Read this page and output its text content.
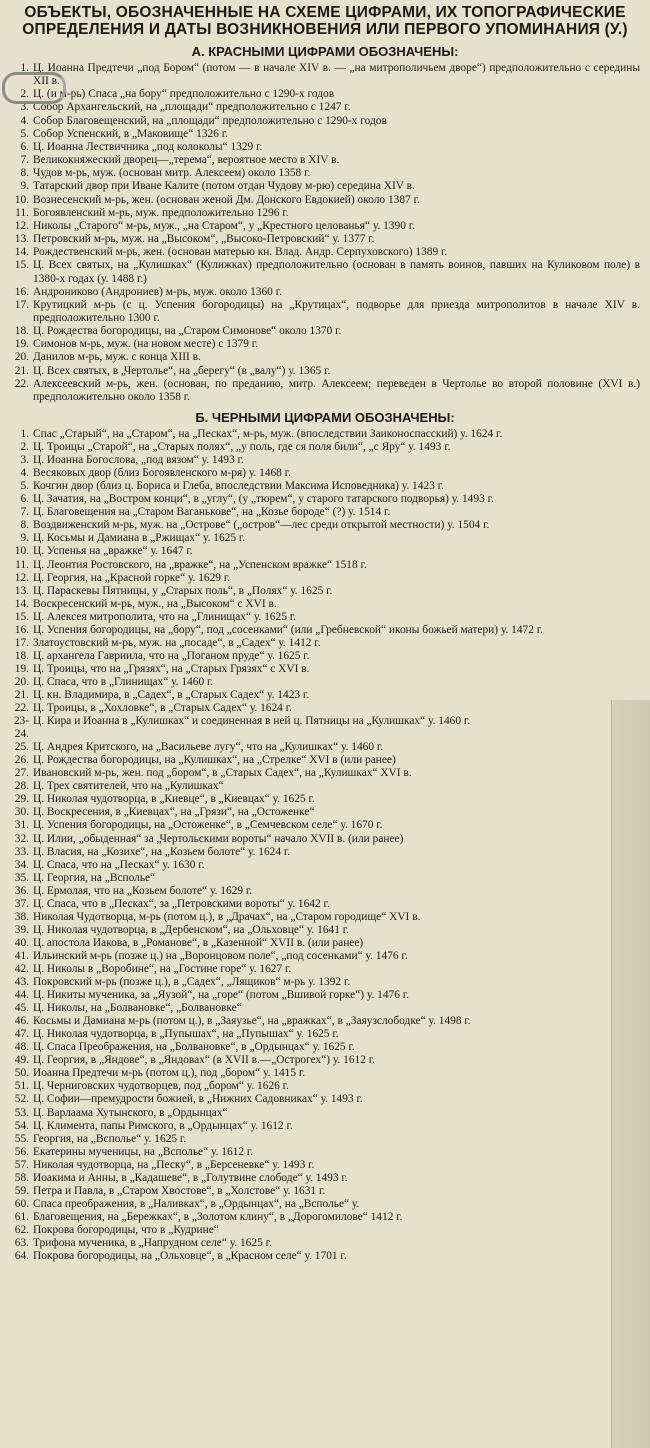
ОБЪЕКТЫ, ОБОЗНАЧЕННЫЕ НА СХЕМЕ ЦИФРАМИ, ИХ ТОПОГРАФИЧЕСКИЕ ОПРЕДЕЛЕНИЯ И ДАТЫ ВОЗНИКНОВЕНИЯ ИЛИ ПЕРВОГО УПОМИНАНИЯ (У.)
А. КРАСНЫМИ ЦИФРАМИ ОБОЗНАЧЕНЫ:
1. Ц. Иоанна Предтечи „под Бором“ (потом — в начале XIV в. — „на митрополичьем дворе“) предположительно с середины XII в.
2. Ц. (и м-рь) Спаса „на бору“ предположительно с 1290-х годов
3. Собор Архангельский, на „площади“ предположительно с 1247 г.
4. Собор Благовещенский, на „площади“ предположительно с 1290-х годов
5. Собор Успенский, в „Маковище“ 1326 г.
6. Ц. Иоанна Лествичника „под колоколы“ 1329 г.
7. Великокняжеский дворец—„терема“, вероятное место в XIV в.
8. Чудов м-рь, муж. (основан митр. Алексеем) около 1358 г.
9. Татарский двор при Иване Калите (потом отдан Чудову м-рю) середина XIV в.
10. Вознесенский м-рь, жен. (основан женой Дм. Донского Евдокией) около 1387 г.
11. Богоявленский м-рь, муж. предположительно 1296 г.
12. Николы „Старого“ м-рь, муж., „на Старом“, у „Крестного целованья“ у. 1390 г.
13. Петровский м-рь, муж. на „Высоком“, „Высоко-Петровский“ у. 1377 г.
14. Рождественский м-рь, жен. (основан матерью кн. Влад. Андр. Серпуховского) 1389 г.
15. Ц. Всех святых, на „Кулишках“ (Кулижках) предположительно (основан в память воинов, павших на Куликовом поле) в 1380-х годах (у. 1488 г.)
16. Андрониково (Андрониев) м-рь, муж. около 1360 г.
17. Крутицкий м-рь (с ц. Успения богородицы) на „Крутицах“, подворье для приезда митрополитов в начале XIV в. предположительно 1300 г.
18. Ц. Рождества богородицы, на „Старом Симонове“ около 1370 г.
19. Симонов м-рь, муж. (на новом месте) с 1379 г.
20. Данилов м-рь, муж. с конца XIII в.
21. Ц. Всех святых, в „Чертолье“, на „берегу“ (в „валу“) у. 1365 г.
22. Алексеевский м-рь, жен. (основан, по преданию, митр. Алексеем; переведен в Чертолье во второй половине (XVI в.) предположительно около 1358 г.
Б. ЧЕРНЫМИ ЦИФРАМИ ОБОЗНАЧЕНЫ:
1. Спас „Старый“, на „Старом“, на „Песках“, м-рь, муж. (впоследствии Заиконоспасский) у. 1624 г.
2. Ц. Троицы „Старой“, на „Старых полях“, „у поль, где ся поля били“, „с Яру“ у. 1493 г.
3. Ц. Иоанна Богослова, „под вязом“ у. 1493 г.
4. Весяковых двор (близ Богоявленского м-ря) у. 1468 г.
5. Кочгин двор (близ ц. Бориса и Глеба, впоследствии Максима Исповедника) у. 1423 г.
6. Ц. Зачатия, на „Востром конци“, в „углу“, (у „тюрем“, у старого татарского подворья) у. 1493 г.
7. Ц. Благовещения на „Старом Ваганькове“, на „Козье бороде“ (?) у. 1514 г.
8. Воздвиженский м-рь, муж. на „Острове“ („остров“—лес среди открытой местности) у. 1504 г.
9. Ц. Косьмы и Дамиана в „Ржищах“ у. 1625 г.
10. Ц. Успенья на „вражке“ у. 1647 г.
11. Ц. Леонтия Ростовского, на „вражке“, на „Успенском вражке“ 1518 г.
12. Ц. Георгия, на „Красной горке“ у. 1629 г.
13. Ц. Параскевы Пятницы, у „Старых поль“, в „Полях“ у. 1625 г.
14. Воскресенский м-рь, муж., на „Высоком“ с XVI в.
15. Ц. Алексея митрополита, что на „Глинищах“ у. 1625 г.
16. Ц. Успения богородицы, на „бору“, под „сосенками“ (или „Гребневской“ иконы божьей матери) у. 1472 г.
17. Златоустовский м-рь, муж. на „посаде“, в „Садех“ у. 1412 г.
18. Ц. архангела Гавриила, что на „Поганом пруде“ у. 1625 г.
19. Ц. Троицы, что на „Грязях“, на „Старых Грязях“ с XVI в.
20. Ц. Спаса, что в „Глинищах“ у. 1460 г.
21. Ц. кн. Владимира, в „Садех“, в „Старых Садех“ у. 1423 г.
22. Ц. Троицы, в „Хохловке“, в „Старых Садех“ у. 1624 г.
23-24.
Ц. Кира и Иоанна в „Кулишках“ и соединенная в ней ц. Пятницы на „Кулишках“ у. 1460 г.
25. Ц. Андрея Критского, на „Васильеве лугу“, что на „Кулишках“ у. 1460 г.
26. Ц. Рождества богородицы, на „Кулишках“, на „Стрелке“ XVI в (или ранее)
27. Ивановский м-рь, жен. под „бором“, в „Старых Садех“, на „Кулишках“ XVI в.
28. Ц. Трех святителей, что на „Кулишках“
29. Ц. Николая чудотворца, в „Киевце“, в „Киевцах“ у. 1625 г.
30. Ц. Воскресения, в „Киевцах“, на „Грязи“, на „Остоженке“
31. Ц. Успения богородицы, на „Остоженке“, в „Семчевском селе“ у. 1670 г.
32. Ц. Илии, „обыденная“ за „Чертольскими вороты“ начало XVII в. (или ранее)
33. Ц. Власия, на „Козихе“, на „Козьем болоте“ у. 1624 г.
34. Ц. Спаса, что на „Песках“ у. 1630 г.
35. Ц. Георгия, на „Всполье“
36. Ц. Ермолая, что на „Козьем болоте“ у. 1629 г.
37. Ц. Спаса, что в „Песках“, за „Петровскими вороты“ у. 1642 г.
38. Николая Чудотворца, м-рь (потом ц.), в „Драчах“, на „Старом городище“ XVI в.
39. Ц. Николая чудотворца, в „Дербенском“, на „Ольховце“ у. 1641 г.
40. Ц. апостола Иакова, в „Романове“, в „Казенной“ XVII в. (или ранее)
41. Ильинский м-рь (позже ц.) на „Воронцовом поле“, „под сосенками“ у. 1476 г.
42. Ц. Николы в „Воробине“, на „Гостине горе“ у. 1627 г.
43. Покровский м-рь (позже ц.), в „Садех“, „Лящиков“ м-рь у. 1392 г.
44. Ц. Никиты мученика, за „Яузой“, на „горе“ (потом „Вшивой горке“) у. 1476 г.
45. Ц. Николы, на „Болвановке“, „Болвановке“
46. Косьмы и Дамиана м-рь (потом ц.), в „Заяузье“, на „вражках“, в „Заяузслободке“ у. 1498 г.
47. Ц. Николая чудотворца, в „Пупышах“, на „Пупышах“ у. 1625 г.
48. Ц. Спаса Преображения, на „Болвановке“, в „Ордынцах“ у. 1625 г.
49. Ц. Георгия, в „Яндове“, в „Яндовах“ (в XVII в.—„Острогех“) у. 1612 г.
50. Иоанна Предтечи м-рь (потом ц.), под „бором“ у. 1415 г.
51. Ц. Черниговских чудотворцев, под „бором“ у. 1626 г.
52. Ц. Софии—премудрости божией, в „Нижних Садовниках“ у. 1493 г.
53. Ц. Варлаама Хутынского, в „Ордынцах“
54. Ц. Климента, папы Римского, в „Ордынцах“ у. 1612 г.
55. Георгия, на „Всполье“ у. 1625 г.
56. Екатерины мученицы, на „Всполье“ у. 1612 г.
57. Николая чудотворца, на „Песку“, в „Берсеневке“ у. 1493 г.
58. Иоакима и Анны, в „Кадашеве“, в „Голутвине слободе“ у. 1493 г.
59. Петра и Павла, в „Старом Хвостове“, в „Холстове“ у. 1631 г.
60. Спаса преображения, в „Наливках“, в „Ордынцах“, на „Всполье“ у.
61. Благовещения, на „Бережках“, в „Золотом клину“, в „Дорогомилове“ 1412 г.
62. Покрова богородицы, что в „Кудрине“
63. Трифона мученика, в „Напрудном селе“ у. 1625 г.
64. Покрова богородицы, на „Ольховце“, в „Красном селе“ у. 1701 г.
